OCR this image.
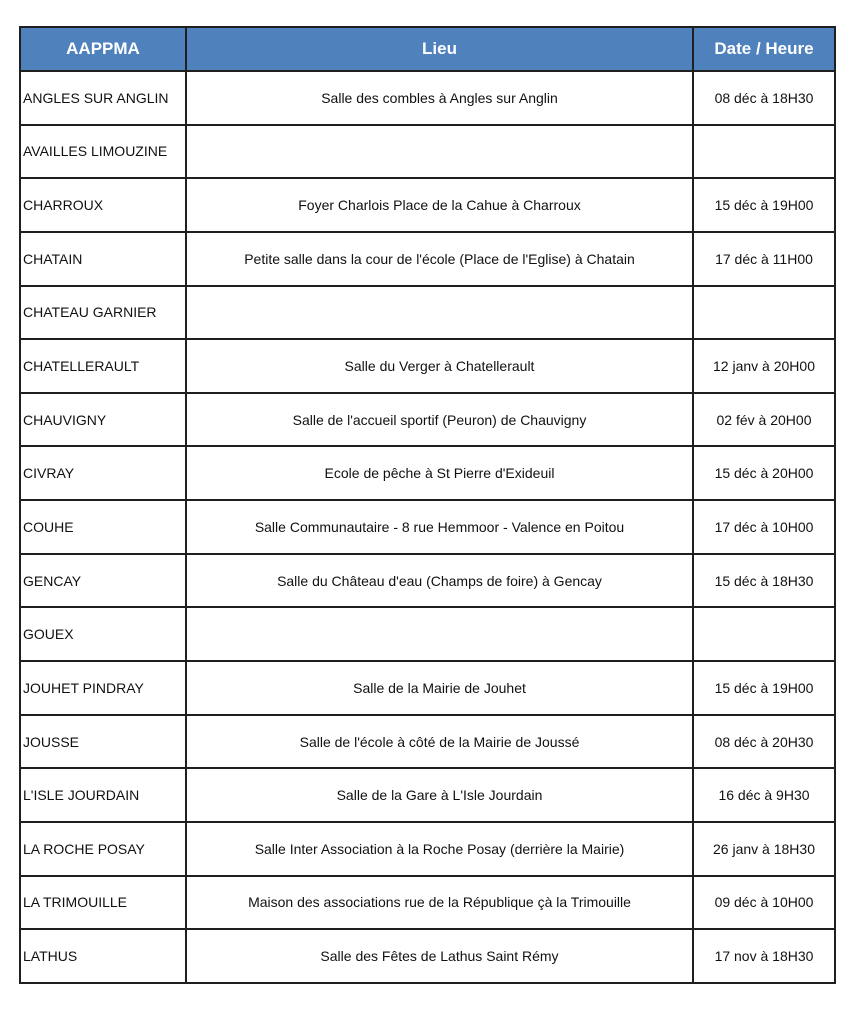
AAPPMA	Lieu	Date / Heure
ANGLES SUR ANGLIN	Salle des combles à Angles sur Anglin	08 déc à 18H30
AVAILLES LIMOUZINE		
CHARROUX	Foyer Charlois Place de la Cahue à Charroux	15 déc à 19H00
CHATAIN	Petite salle dans la cour de l'école (Place de l'Eglise) à Chatain	17 déc à 11H00
CHATEAU GARNIER		
CHATELLERAULT	Salle du Verger à Chatellerault	12 janv à 20H00
CHAUVIGNY	Salle de l'accueil sportif (Peuron) de Chauvigny	02 fév à 20H00
CIVRAY	Ecole de pêche à St Pierre d'Exideuil	15 déc à 20H00
COUHE	Salle Communautaire - 8 rue Hemmoor - Valence en Poitou	17 déc à 10H00
GENCAY	Salle du Château d'eau (Champs de foire) à Gencay	15 déc à 18H30
GOUEX		
JOUHET PINDRAY	Salle de la Mairie de Jouhet	15 déc à 19H00
JOUSSE	Salle de l'école à côté de la Mairie de Joussé	08 déc à 20H30
L'ISLE JOURDAIN	Salle de la Gare à L'Isle Jourdain	16 déc à 9H30
LA ROCHE POSAY	Salle Inter Association à la Roche Posay (derrière la Mairie)	26 janv à 18H30
LA TRIMOUILLE	Maison des associations rue de la République çà la Trimouille	09 déc à 10H00
LATHUS	Salle des Fêtes de Lathus Saint Rémy	17 nov à 18H30
